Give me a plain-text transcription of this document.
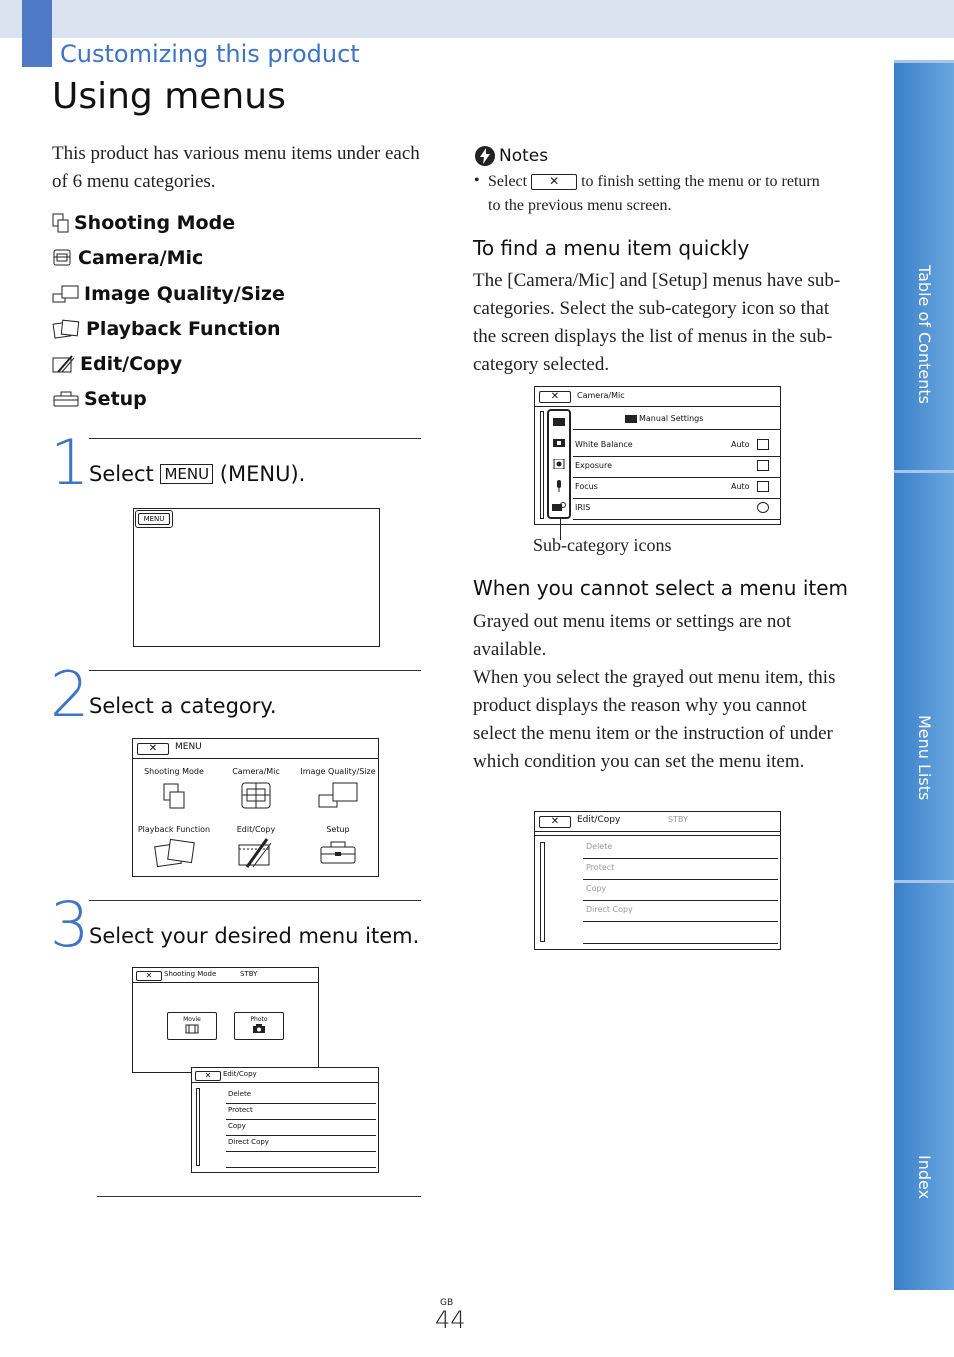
Customizing this product
Using menus
Table of Contents
Menu Lists
Index
This product has various menu items under each of 6 menu categories.
Shooting Mode
Camera/Mic
Image Quality/Size
Playback Function
Edit/Copy
Setup
1 Select MENU (MENU).
MENU
2 Select a category.
✕	MENU
Shooting Mode	Camera/Mic	Image Quality/Size
Playback Function	Edit/Copy	Setup
3 Select your desired menu item.
✕	Shooting Mode	STBY
Movie	Photo
✕	Edit/Copy
Delete
Protect
Copy
Direct Copy
Notes
• Select ✕ to finish setting the menu or to return to the previous menu screen.
To find a menu item quickly
The [Camera/Mic] and [Setup] menus have sub-categories. Select the sub-category icon so that the screen displays the list of menus in the sub-category selected.
✕	Camera/Mic
Manual Settings
White Balance	Auto
Exposure
Focus	Auto
IRIS
Sub-category icons
When you cannot select a menu item
Grayed out menu items or settings are not available.
When you select the grayed out menu item, this product displays the reason why you cannot select the menu item or the instruction of under which condition you can set the menu item.
✕	Edit/Copy	STBY
Delete
Protect
Copy
Direct Copy
GB
44
